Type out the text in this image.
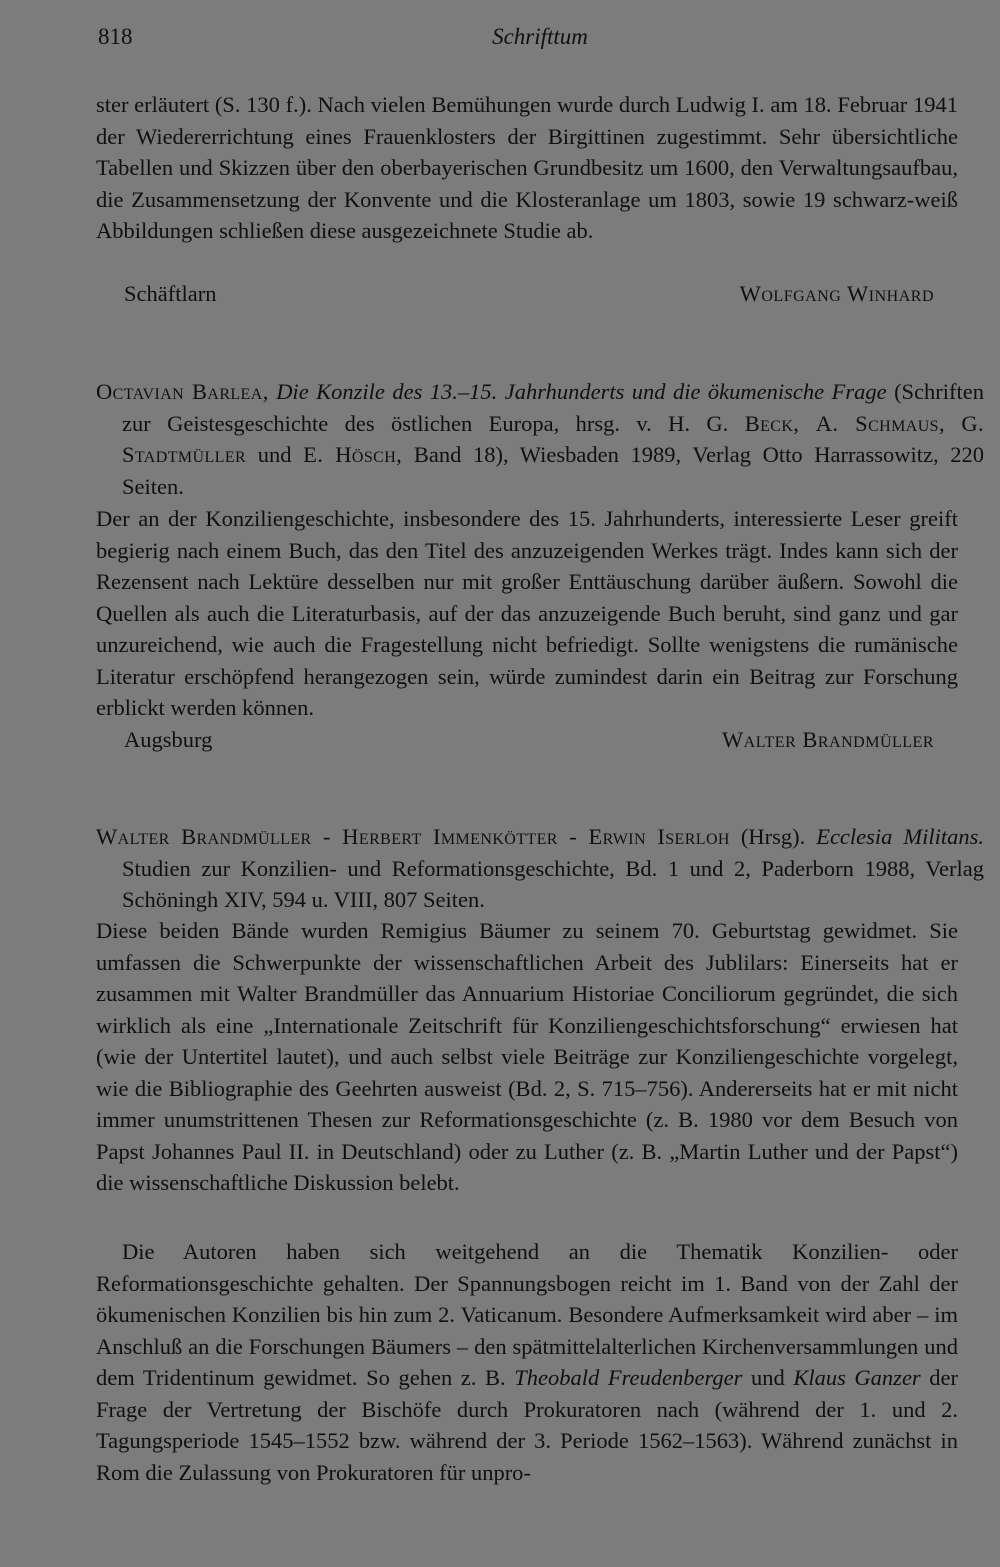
818	Schrifttum
ster erläutert (S. 130 f.). Nach vielen Bemühungen wurde durch Ludwig I. am 18. Februar 1941 der Wiedererrichtung eines Frauenklosters der Birgittinen zugestimmt. Sehr übersichtliche Tabellen und Skizzen über den oberbayerischen Grundbesitz um 1600, den Verwaltungsaufbau, die Zusammensetzung der Konvente und die Klosteranlage um 1803, sowie 19 schwarz-weiß Abbildungen schließen diese ausgezeichnete Studie ab.
Schäftlarn	Wolfgang Winhard
Octavian Barlea, Die Konzile des 13.–15. Jahrhunderts und die ökumenische Frage (Schriften zur Geistesgeschichte des östlichen Europa, hrsg. v. H. G. Beck, A. Schmaus, G. Stadtmüller und E. Hösch, Band 18), Wiesbaden 1989, Verlag Otto Harrassowitz, 220 Seiten.
Der an der Konziliengeschichte, insbesondere des 15. Jahrhunderts, interessierte Leser greift begierig nach einem Buch, das den Titel des anzuzeigenden Werkes trägt. Indes kann sich der Rezensent nach Lektüre desselben nur mit großer Enttäuschung darüber äußern. Sowohl die Quellen als auch die Literaturbasis, auf der das anzuzeigende Buch beruht, sind ganz und gar unzureichend, wie auch die Fragestellung nicht befriedigt. Sollte wenigstens die rumänische Literatur erschöpfend herangezogen sein, würde zumindest darin ein Beitrag zur Forschung erblickt werden können.
Augsburg	Walter Brandmüller
Walter Brandmüller - Herbert Immenkötter - Erwin Iserloh (Hrsg). Ecclesia Militans. Studien zur Konzilien- und Reformationsgeschichte, Bd. 1 und 2, Paderborn 1988, Verlag Schöningh XIV, 594 u. VIII, 807 Seiten.
Diese beiden Bände wurden Remigius Bäumer zu seinem 70. Geburtstag gewidmet. Sie umfassen die Schwerpunkte der wissenschaftlichen Arbeit des Jublilars: Einerseits hat er zusammen mit Walter Brandmüller das Annuarium Historiae Conciliorum gegründet, die sich wirklich als eine „Internationale Zeitschrift für Konziliengeschichtsforschung“ erwiesen hat (wie der Untertitel lautet), und auch selbst viele Beiträge zur Konziliengeschichte vorgelegt, wie die Bibliographie des Geehrten ausweist (Bd. 2, S. 715–756). Andererseits hat er mit nicht immer unumstrittenen Thesen zur Reformationsgeschichte (z. B. 1980 vor dem Besuch von Papst Johannes Paul II. in Deutschland) oder zu Luther (z. B. „Martin Luther und der Papst“) die wissenschaftliche Diskussion belebt.
Die Autoren haben sich weitgehend an die Thematik Konzilien- oder Reformationsgeschichte gehalten. Der Spannungsbogen reicht im 1. Band von der Zahl der ökumenischen Konzilien bis hin zum 2. Vaticanum. Besondere Aufmerksamkeit wird aber – im Anschluß an die Forschungen Bäumers – den spätmittelalterlichen Kirchenversammlungen und dem Tridentinum gewidmet. So gehen z. B. Theobald Freudenberger und Klaus Ganzer der Frage der Vertretung der Bischöfe durch Prokuratoren nach (während der 1. und 2. Tagungsperiode 1545–1552 bzw. während der 3. Periode 1562–1563). Während zunächst in Rom die Zulassung von Prokuratoren für unpro-
